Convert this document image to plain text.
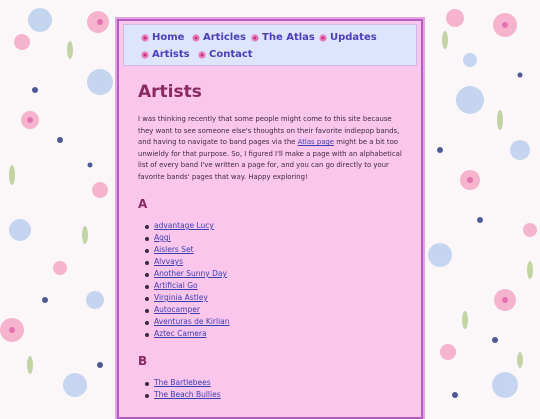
Home Articles The Atlas Updates
Artists Contact
Artists

I was thinking recently that some people might come to this site because they want to see someone else's thoughts on their favorite indiepop bands, and having to navigate to band pages via the Atlas page might be a bit too unwieldy for that purpose. So, I figured I'll make a page with an alphabetical list of every band I've written a page for, and you can go directly to your favorite bands' pages that way. Happy exploring!

A
advantage Lucy
Aggi
Aislers Set
Alvvays
Another Sunny Day
Artificial Go
Virginia Astley
Autocamper
Aventuras de Kirlian
Aztec Camera
B
The Bartlebees
The Beach Bullies
